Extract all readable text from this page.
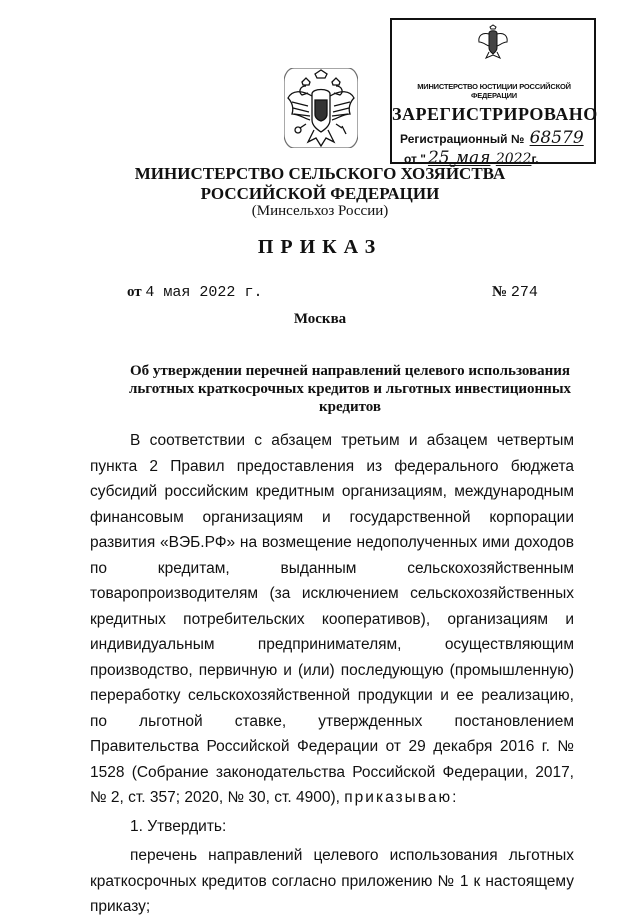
МИНИСТЕРСТВО ЮСТИЦИИ РОССИЙСКОЙ ФЕДЕРАЦИИ
ЗАРЕГИСТРИРОВАНО
Регистрационный № 68579
от " 25 мая 2022г.
МИНИСТЕРСТВО СЕЛЬСКОГО ХОЗЯЙСТВА
РОССИЙСКОЙ ФЕДЕРАЦИИ
(Минсельхоз России)
ПРИКАЗ
от 4 мая 2022 г.	№ 274
Москва
Об утверждении перечней направлений целевого использования льготных краткосрочных кредитов и льготных инвестиционных кредитов

В соответствии с абзацем третьим и абзацем четвертым пункта 2 Правил предоставления из федерального бюджета субсидий российским кредитным организациям, международным финансовым организациям и государственной корпорации развития «ВЭБ.РФ» на возмещение недополученных ими доходов по кредитам, выданным сельскохозяйственным товаропроизводителям (за исключением сельскохозяйственных кредитных потребительских кооперативов), организациям и индивидуальным предпринимателям, осуществляющим производство, первичную и (или) последующую (промышленную) переработку сельскохозяйственной продукции и ее реализацию, по льготной ставке, утвержденных постановлением Правительства Российской Федерации от 29 декабря 2016 г. № 1528 (Собрание законодательства Российской Федерации, 2017, № 2, ст. 357; 2020, № 30, ст. 4900), приказываю:

1. Утвердить:

перечень направлений целевого использования льготных краткосрочных кредитов согласно приложению № 1 к настоящему приказу;
